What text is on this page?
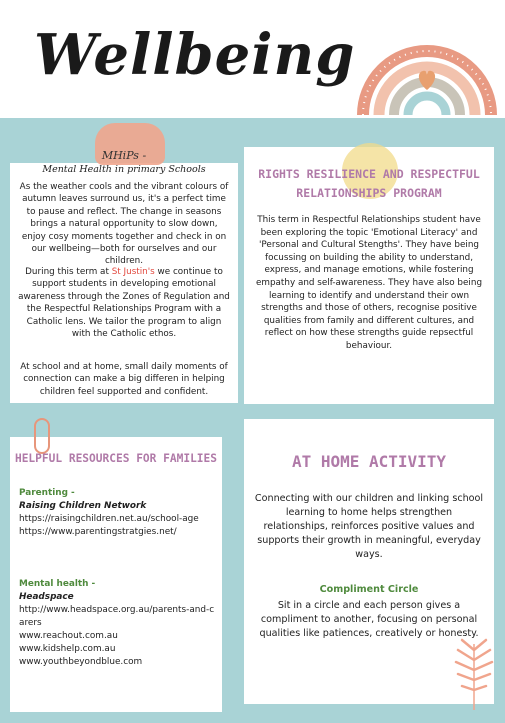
Wellbeing
MHiPs -
Mental Health in primary Schools
As the weather cools and the vibrant colours of autumn leaves surround us, it's a perfect time to pause and reflect. The change in seasons brings a natural opportunity to slow down, enjoy cosy moments together and check in on our wellbeing—both for ourselves and our children.
During this term at St Justin's we continue to support students in developing emotional awareness through the Zones of Regulation and the Respectful Relationships Program with a Catholic lens. We tailor the program to align with the Catholic ethos.
At school and at home, small daily moments of connection can make a big differen in helping children feel supported and confident.
RIGHTS RESILIENCE AND RESPECTFUL RELATIONSHIPS PROGRAM
This term in Respectful Relationships student have been exploring the topic 'Emotional Literacy' and 'Personal and Cultural Stengths'. They have being focussing on building the ability to understand, express, and manage emotions, while fostering empathy and self-awareness. They have also being learning to identify and understand their own strengths and those of others, recognise positive qualities from family and different cultures, and reflect on how these strengths guide repsectful behaviour.
HELPFUL RESOURCES FOR FAMILIES
Parenting -
Raising Children Network
https://raisingchildren.net.au/school-age
https://www.parentingstratgies.net/
Mental health -
Headspace
http://www.headspace.org.au/parents-and-carers
www.reachout.com.au
www.kidshelp.com.au
www.youthbeyondblue.com
AT HOME ACTIVITY
Connecting with our children and linking school learning to home helps strengthen relationships, reinforces positive values and supports their growth in meaningful, everyday ways.
Compliment Circle
Sit in a circle and each person gives a compliment to another, focusing on personal qualities like patiences, creatively or honesty.
